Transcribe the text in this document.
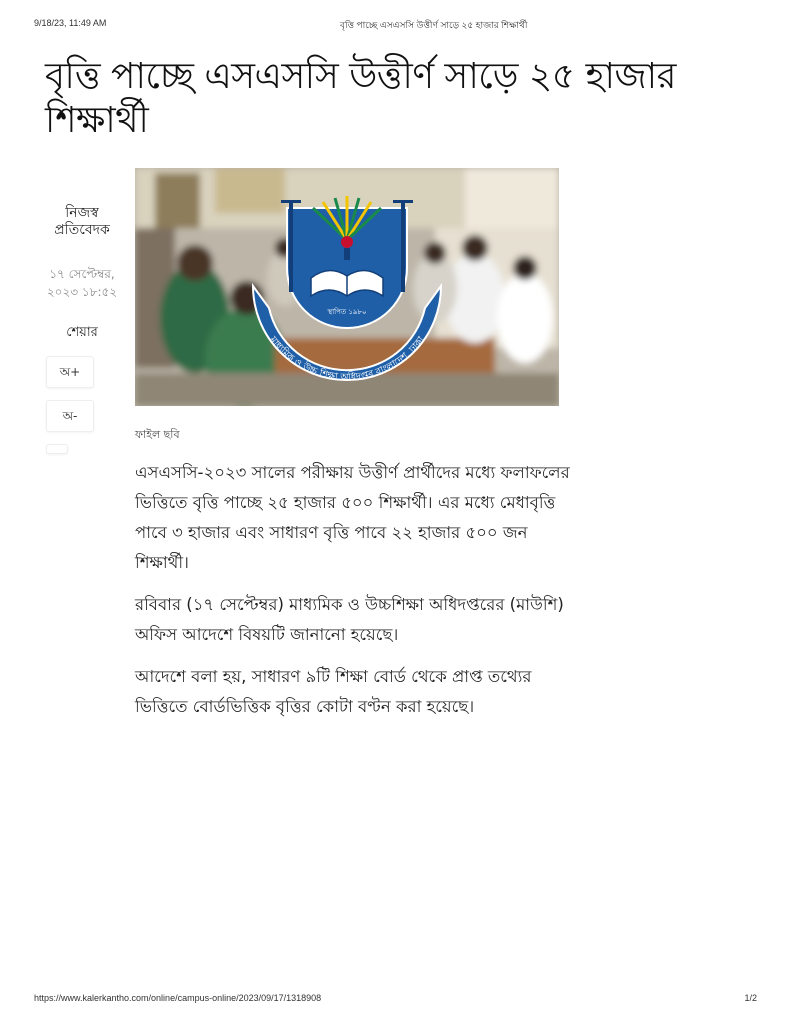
9/18/23, 11:49 AM	বৃত্তি পাচ্ছে এসএসসি উত্তীর্ণ সাড়ে ২৫ হাজার শিক্ষার্থী
বৃত্তি পাচ্ছে এসএসসি উত্তীর্ণ সাড়ে ২৫ হাজার শিক্ষার্থী
নিজস্ব প্রতিবেদক
১৭ সেপ্টেম্বর, ২০২৩ ১৮:৫২
শেয়ার
অ+
অ-
মাধ্যমিক ও উচ্চ শিক্ষা অধিদপ্তর বাংলাদেশ, ঢাকা
স্থাপিত ১৯৮০
ফাইল ছবি

এসএসসি-২০২৩ সালের পরীক্ষায় উত্তীর্ণ প্রার্থীদের মধ্যে ফলাফলের ভিত্তিতে বৃত্তি পাচ্ছে ২৫ হাজার ৫০০ শিক্ষার্থী। এর মধ্যে মেধাবৃত্তি পাবে ৩ হাজার এবং সাধারণ বৃত্তি পাবে ২২ হাজার ৫০০ জন শিক্ষার্থী।

রবিবার (১৭ সেপ্টেম্বর) মাধ্যমিক ও উচ্চশিক্ষা অধিদপ্তরের (মাউশি) অফিস আদেশে বিষয়টি জানানো হয়েছে।

আদেশে বলা হয়, সাধারণ ৯টি শিক্ষা বোর্ড থেকে প্রাপ্ত তথ্যের ভিত্তিতে বোর্ডভিত্তিক বৃত্তির কোটা বণ্টন করা হয়েছে।

https://www.kalerkantho.com/online/campus-online/2023/09/17/1318908	1/2
